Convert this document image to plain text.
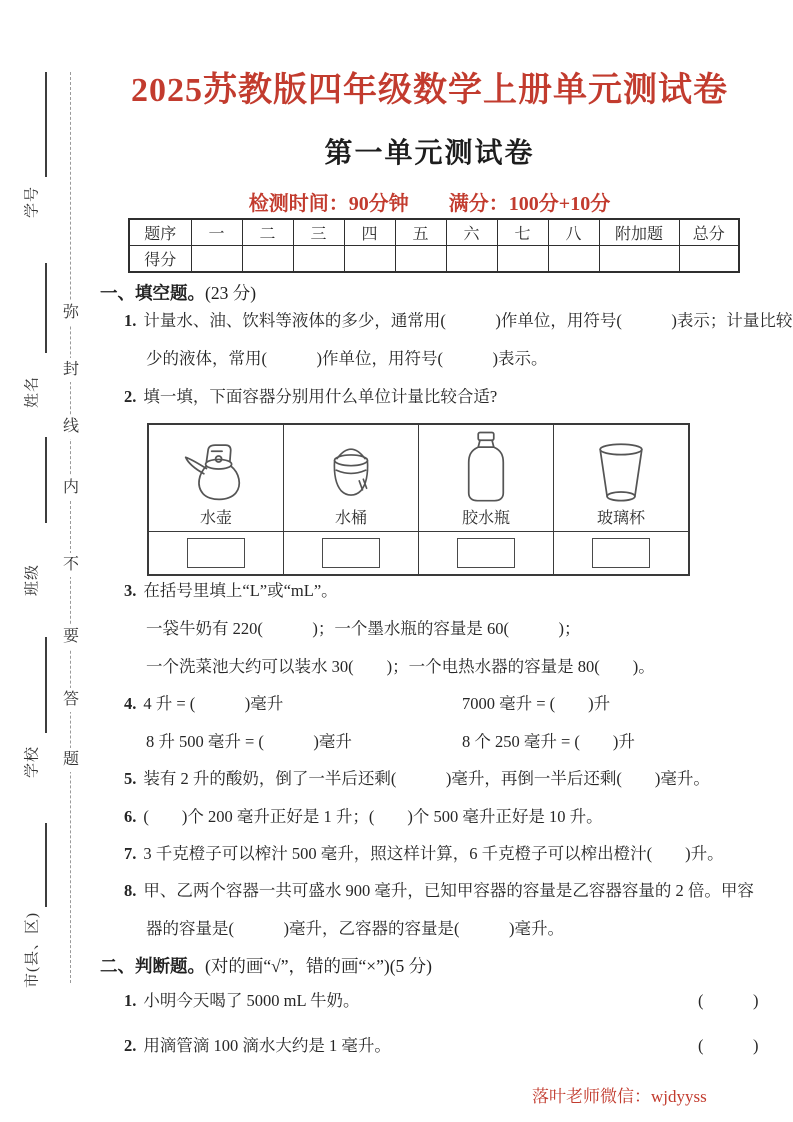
学号
姓名
班级
学校
市(县、区)
弥
封
线
内
不
要
答
题
2025苏教版四年级数学上册单元测试卷
第一单元测试卷
检测时间：90分钟　　满分：100分+10分
题序	一	二	三	四	五	六	七	八	附加题	总分
得分										
一、填空题。(23 分)
1. 计量水、油、饮料等液体的多少，通常用(　　　)作单位，用符号(　　　)表示；计量比较
少的液体，常用(　　　)作单位，用符号(　　　)表示。
2. 填一填，下面容器分别用什么单位计量比较合适?
水壶	水桶	胶水瓶	玻璃杯

3. 在括号里填上“L”或“mL”。
一袋牛奶有 220(　　　)；一个墨水瓶的容量是 60(　　　)；
一个洗菜池大约可以装水 30(　　)；一个电热水器的容量是 80(　　)。
4. 4 升 = (　　　)毫升	7000 毫升 = (　　)升
8 升 500 毫升 = (　　　)毫升	8 个 250 毫升 = (　　)升
5. 装有 2 升的酸奶，倒了一半后还剩(　　　)毫升，再倒一半后还剩(　　)毫升。
6. (　　)个 200 毫升正好是 1 升；(　　)个 500 毫升正好是 10 升。
7. 3 千克橙子可以榨汁 500 毫升，照这样计算，6 千克橙子可以榨出橙汁(　　)升。
8. 甲、乙两个容器一共可盛水 900 毫升，已知甲容器的容量是乙容器容量的 2 倍。甲容
器的容量是(　　　)毫升，乙容器的容量是(　　　)毫升。
二、判断题。(对的画“√”，错的画“×”)(5 分)
1. 小明今天喝了 5000 mL 牛奶。	(　　　)
2. 用滴管滴 100 滴水大约是 1 毫升。	(　　　)
落叶老师微信：wjdyyss
